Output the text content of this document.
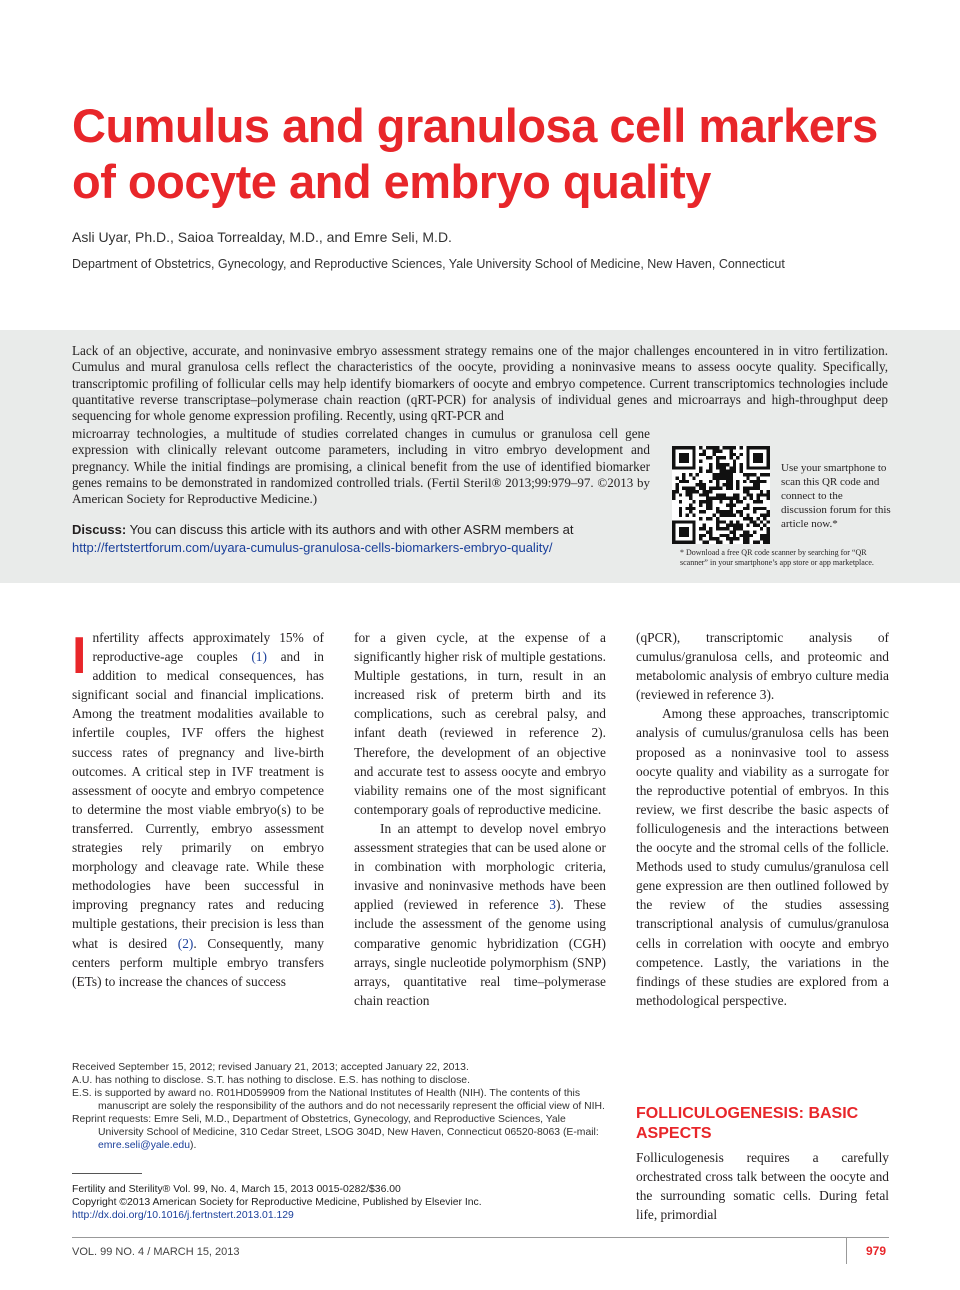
Cumulus and granulosa cell markers of oocyte and embryo quality
Asli Uyar, Ph.D., Saioa Torrealday, M.D., and Emre Seli, M.D.
Department of Obstetrics, Gynecology, and Reproductive Sciences, Yale University School of Medicine, New Haven, Connecticut
Lack of an objective, accurate, and noninvasive embryo assessment strategy remains one of the major challenges encountered in in vitro fertilization. Cumulus and mural granulosa cells reflect the characteristics of the oocyte, providing a noninvasive means to assess oocyte quality. Specifically, transcriptomic profiling of follicular cells may help identify biomarkers of oocyte and embryo competence. Current transcriptomics technologies include quantitative reverse transcriptase–polymerase chain reaction (qRT-PCR) for analysis of individual genes and microarrays and high-throughput deep sequencing for whole genome expression profiling. Recently, using qRT-PCR and
microarray technologies, a multitude of studies correlated changes in cumulus or granulosa cell gene expression with clinically relevant outcome parameters, including in vitro embryo development and pregnancy. While the initial findings are promising, a clinical benefit from the use of identified biomarker genes remains to be demonstrated in randomized controlled trials. (Fertil Steril® 2013;99:979–97. ©2013 by American Society for Reproductive Medicine.)
Discuss: You can discuss this article with its authors and with other ASRM members at http://fertstertforum.com/uyara-cumulus-granulosa-cells-biomarkers-embryo-quality/
Use your smartphone to scan this QR code and connect to the discussion forum for this article now.*
* Download a free QR code scanner by searching for “QR scanner” in your smartphone’s app store or app marketplace.

Infertility affects approximately 15% of reproductive-age couples (1) and in addition to medical consequences, has significant social and financial implications. Among the treatment modalities available to infertile couples, IVF offers the highest success rates of pregnancy and live-birth outcomes. A critical step in IVF treatment is assessment of oocyte and embryo competence to determine the most viable embryo(s) to be transferred. Currently, embryo assessment strategies rely primarily on embryo morphology and cleavage rate. While these methodologies have been successful in improving pregnancy rates and reducing multiple gestations, their precision is less than what is desired (2). Consequently, many centers perform multiple embryo transfers (ETs) to increase the chances of success

for a given cycle, at the expense of a significantly higher risk of multiple gestations. Multiple gestations, in turn, result in an increased risk of preterm birth and its complications, such as cerebral palsy, and infant death (reviewed in reference 2). Therefore, the development of an objective and accurate test to assess oocyte and embryo viability remains one of the most significant contemporary goals of reproductive medicine.

In an attempt to develop novel embryo assessment strategies that can be used alone or in combination with morphologic criteria, invasive and noninvasive methods have been applied (reviewed in reference 3). These include the assessment of the genome using comparative genomic hybridization (CGH) arrays, single nucleotide polymorphism (SNP) arrays, quantitative real time–polymerase chain reaction

(qPCR), transcriptomic analysis of cumulus/granulosa cells, and proteomic and metabolomic analysis of embryo culture media (reviewed in reference 3).

Among these approaches, transcriptomic analysis of cumulus/granulosa cells has been proposed as a noninvasive tool to assess oocyte quality and viability as a surrogate for the reproductive potential of embryos. In this review, we first describe the basic aspects of folliculogenesis and the interactions between the oocyte and the stromal cells of the follicle. Methods used to study cumulus/granulosa cell gene expression are then outlined followed by the review of the studies assessing transcriptional analysis of cumulus/granulosa cells in correlation with oocyte and embryo competence. Lastly, the variations in the findings of these studies are explored from a methodological perspective.

FOLLICULOGENESIS: BASIC ASPECTS

Folliculogenesis requires a carefully orchestrated cross talk between the oocyte and the surrounding somatic cells. During fetal life, primordial

Received September 15, 2012; revised January 21, 2013; accepted January 22, 2013.
A.U. has nothing to disclose. S.T. has nothing to disclose. E.S. has nothing to disclose.
E.S. is supported by award no. R01HD059909 from the National Institutes of Health (NIH). The contents of this manuscript are solely the responsibility of the authors and do not necessarily represent the official view of NIH.
Reprint requests: Emre Seli, M.D., Department of Obstetrics, Gynecology, and Reproductive Sciences, Yale University School of Medicine, 310 Cedar Street, LSOG 304D, New Haven, Connecticut 06520-8063 (E-mail: emre.seli@yale.edu).
Fertility and Sterility® Vol. 99, No. 4, March 15, 2013 0015-0282/$36.00
Copyright ©2013 American Society for Reproductive Medicine, Published by Elsevier Inc.
http://dx.doi.org/10.1016/j.fertnstert.2013.01.129
VOL. 99 NO. 4 / MARCH 15, 2013	979
